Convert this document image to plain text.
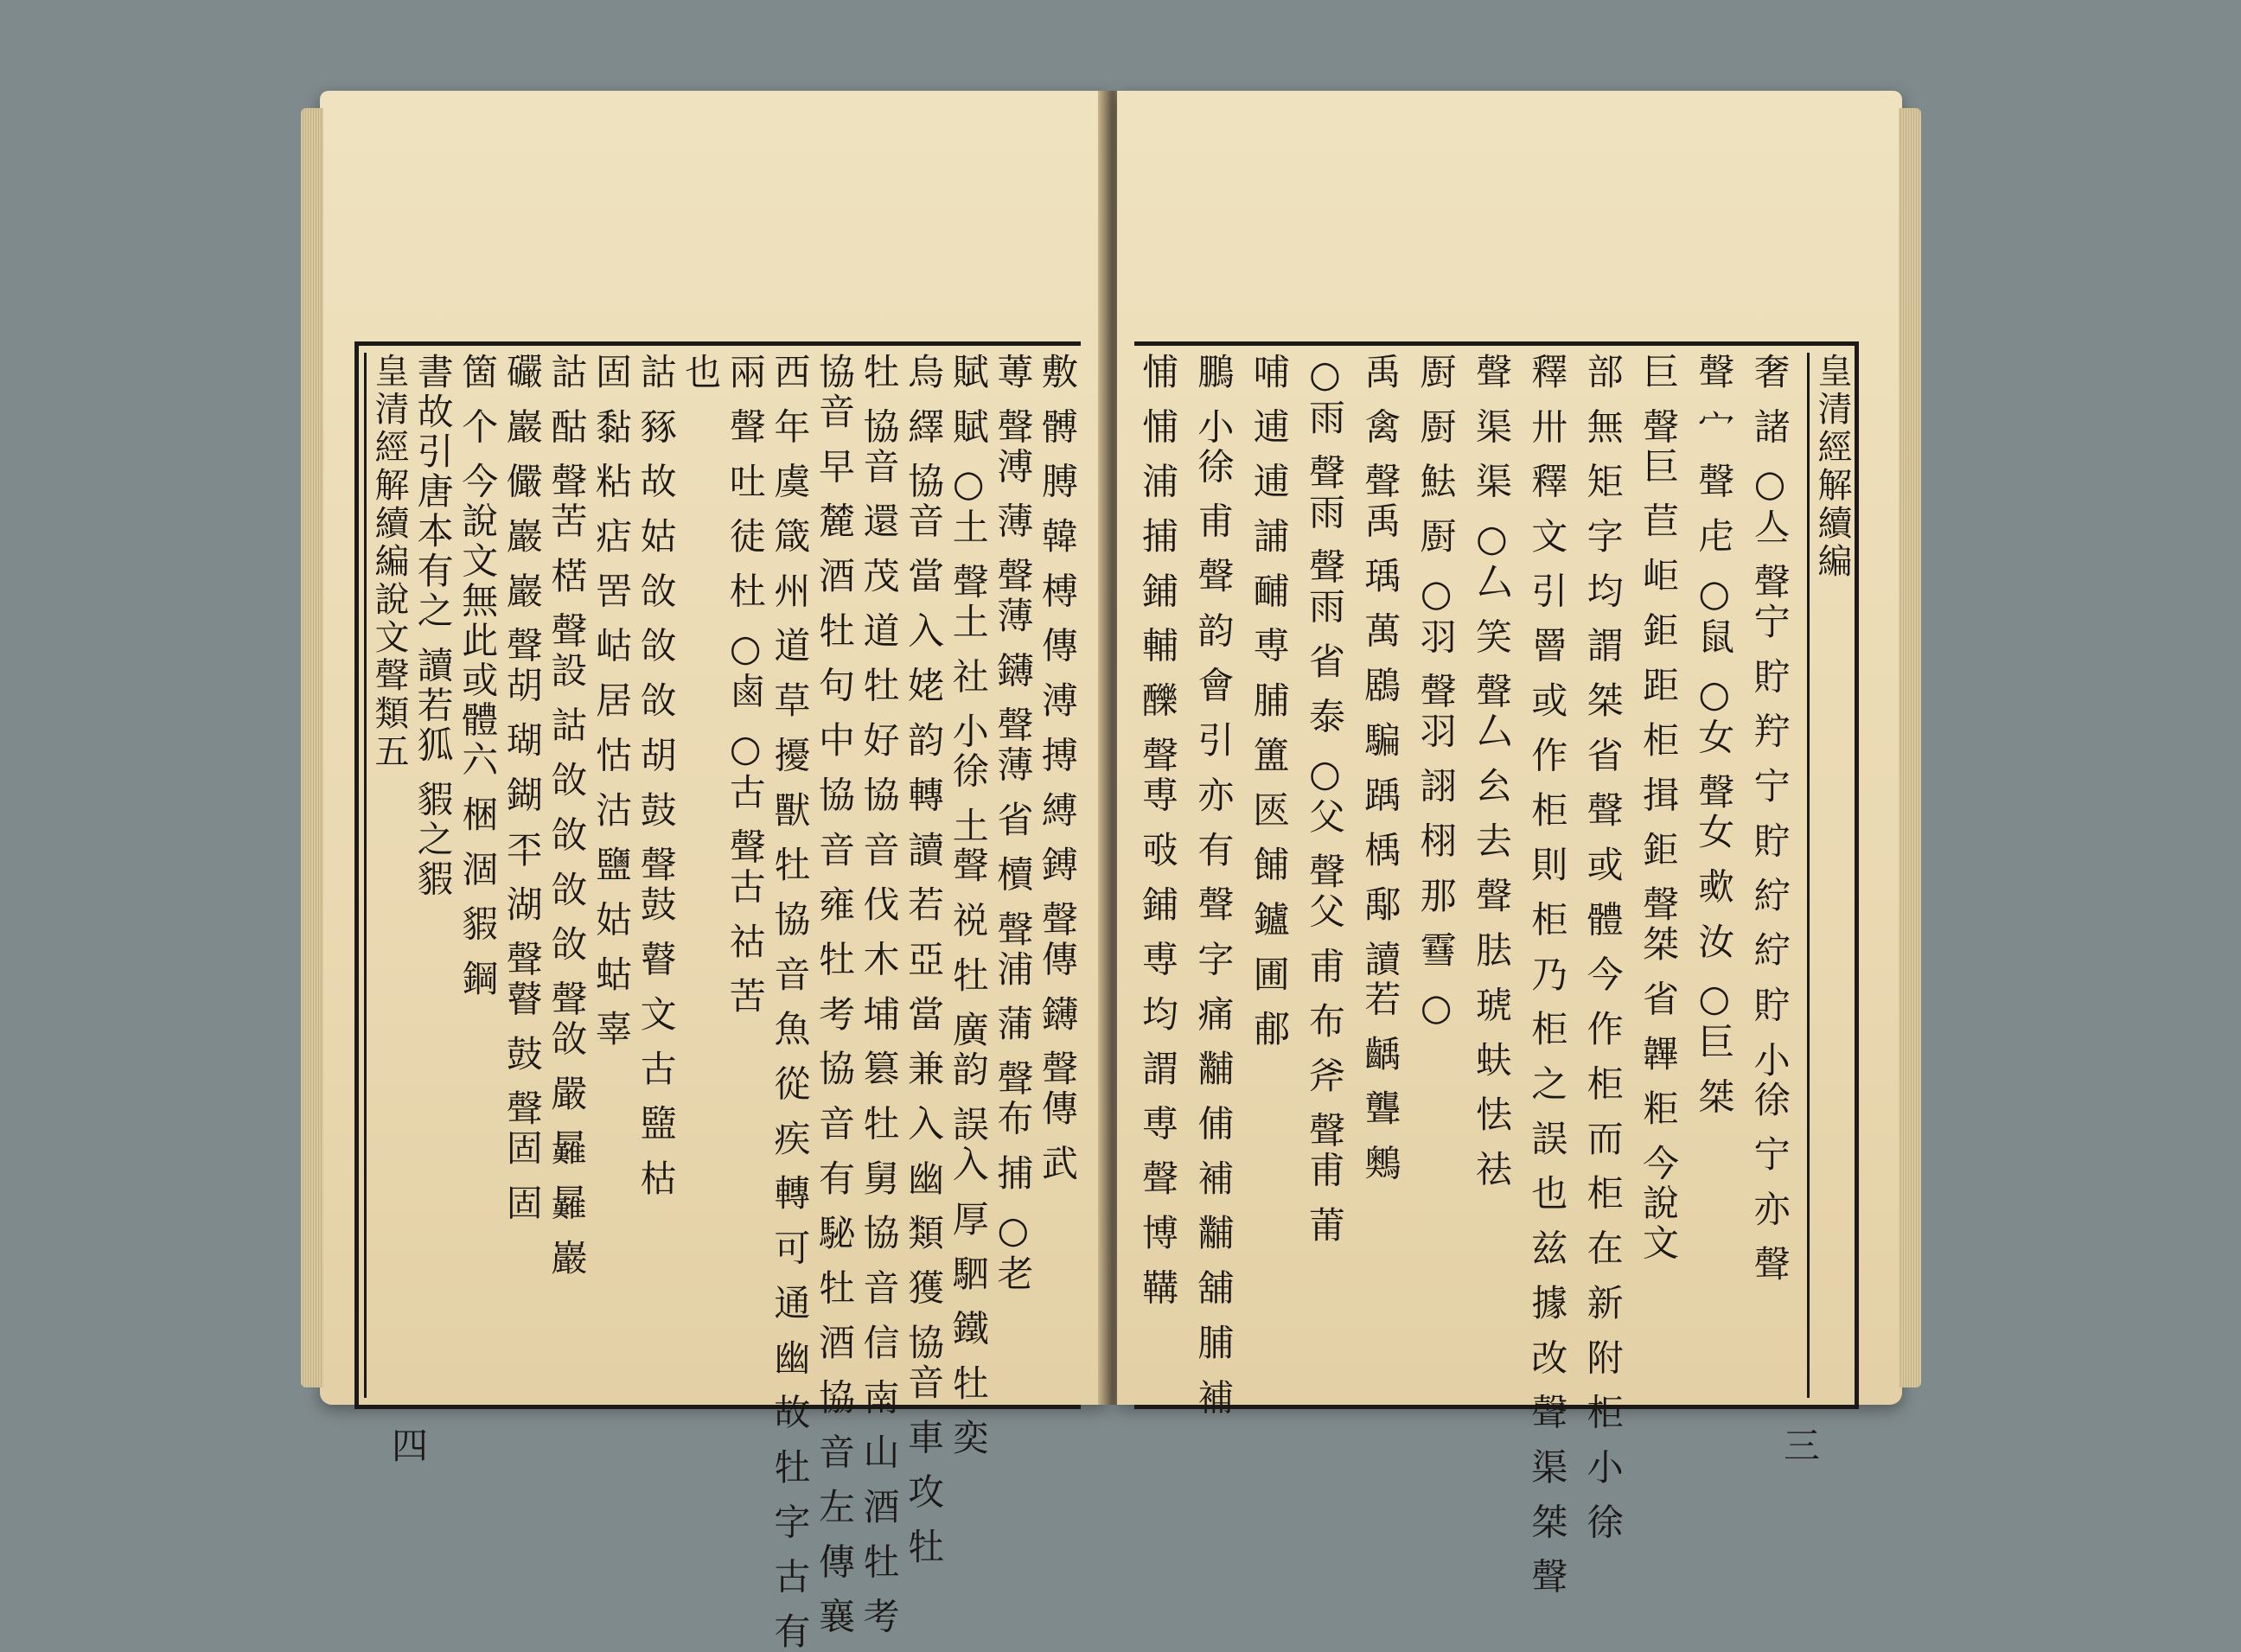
敷 髆 膊 韓 榑 傳 溥 搏 縛 鎛 聲傳 鑮 聲傳 武
蒪 聲溥 薄 聲薄 鑮 聲薄 省 櫝 聲浦 蒲 聲布 捕 ○老
賦 賦 ○土 聲土 社 小徐 土聲 祱 牡 廣韵 誤入 厚 駟 鐵 牡 奕
烏 繹 協音 當 入 姥 韵 轉 讀 若 亞 當 兼 入 幽 類 獲 協音 車 攻 牡
牡 協音 還 茂 道 牡 好 協 音 伐 木 埔 篡 牡 舅 協 音 信 南 山 酒 牡 考
協音 早 麓 酒 牡 句 中 協 音 雍 牡 考 協 音 有 駜 牡 酒 協 音 左 傳 襄
西 年 虞 箴 州 道 草 擾 獸 牡 協 音 魚 從 疾 轉 可 通 幽 故 牡 字 古 有
兩 聲 吐 徒 杜 ○鹵 ○古 聲古 祜 苦
也
詁 豩 故 姑 㪉 㪉 㪉 胡 鼓 聲鼓 瞽 文 古 盬 枯
固 黏 粘 痁 罟 岵 居 怙 沽 鹽 姑 蛄 辜
詁 酤 聲苦 楛 聲設 詁 㪉 㪉 㪉 㪉 聲㪉 嚴 㬮 㬮 巖
礹 巖 儼 巖 巖 聲胡 瑚 鍸 㔻 湖 聲瞽 鼓 聲固 固
箇 个 今說文無此或體六 梱 涸 貑 鋼
書故引唐本有之 讀若狐 貑之貑
皇清經解續編說文聲類五
四
皇清經解續編
奢 諸 ○亼 聲宁 貯 羜 宁 貯 紵 紵 貯 小徐 宁 亦 聲
聲 宀 聲 虍 ○鼠 ○女 聲女 㰲 汝 ○巨 桀
巨 聲巨 苣 岠 鉅 距 柜 揖 鉅 聲桀 省 韠 粔 今說文
部 無 矩 字 均 謂 桀 省 聲 或 體 今 作 柜 而 柜 在 新 附 柜 小 徐
釋 卅 釋 文 引 罾 或 作 柜 則 柜 乃 柜 之 誤 也 兹 據 改 聲 渠 桀 聲
聲 渠 渠 ○厶 笑 聲厶 㕕 去 聲 胠 琥 蚨 怯 祛
㕑 㕑 魼 㕑 ○羽 聲羽 詡 栩 那 䨮 ○
禹 禽 聲禹 瑀 萬 鶋 騙 踽 楀 鄅 讀若 齲 聾 䴈
○雨 聲雨 聲雨 省 泰 ○父 聲父 甫 布 斧 聲甫 莆
哺 逋 逋 誧 䩉 尃 脯 簠 匧 餔 鑪 圃 郙
鵬 小徐 甫 聲 韵 會 引 亦 有 聲 字 痛 黼 俌 補 黼 舖 脯 補
悑 悑 浦 捕 鋪 輔 䤕 聲尃 㪃 鋪 尃 均 謂 尃 聲 博 鞲
三
